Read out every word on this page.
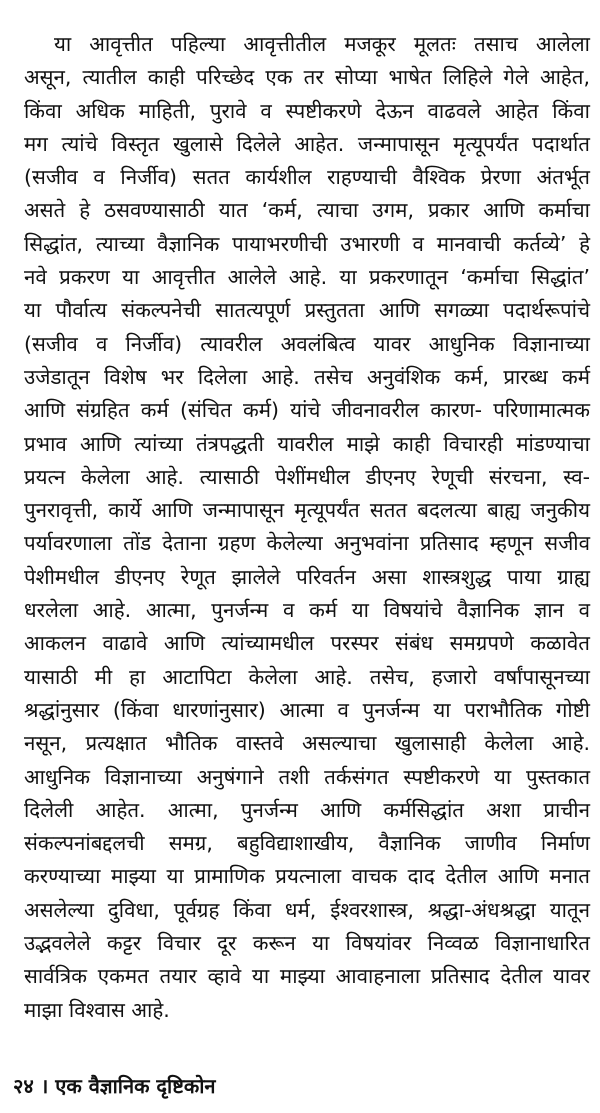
या आवृत्तीत पहिल्या आवृत्तीतील मजकूर मूलतः तसाच आलेला
असून, त्यातील काही परिच्छेद एक तर सोप्या भाषेत लिहिले गेले आहेत,
किंवा अधिक माहिती, पुरावे व स्पष्टीकरणे देऊन वाढवले आहेत किंवा
मग त्यांचे विस्तृत खुलासे दिलेले आहेत. जन्मापासून मृत्यूपर्यंत पदार्थात
(सजीव व निर्जीव) सतत कार्यशील राहण्याची वैश्विक प्रेरणा अंतर्भूत
असते हे ठसवण्यासाठी यात ‘कर्म, त्याचा उगम, प्रकार आणि कर्माचा
सिद्धांत, त्याच्या वैज्ञानिक पायाभरणीची उभारणी व मानवाची कर्तव्ये’ हे
नवे प्रकरण या आवृत्तीत आलेले आहे. या प्रकरणातून ‘कर्माचा सिद्धांत’
या पौर्वात्य संकल्पनेची सातत्यपूर्ण प्रस्तुतता आणि सगळ्या पदार्थरूपांचे
(सजीव व निर्जीव) त्यावरील अवलंबित्व यावर आधुनिक विज्ञानाच्या
उजेडातून विशेष भर दिलेला आहे. तसेच अनुवंशिक कर्म, प्रारब्ध कर्म
आणि संग्रहित कर्म (संचित कर्म) यांचे जीवनावरील कारण- परिणामात्मक
प्रभाव आणि त्यांच्या तंत्रपद्धती यावरील माझे काही विचारही मांडण्याचा
प्रयत्न केलेला आहे. त्यासाठी पेशींमधील डीएनए रेणूची संरचना, स्व-
पुनरावृत्ती, कार्ये आणि जन्मापासून मृत्यूपर्यंत सतत बदलत्या बाह्य जनुकीय
पर्यावरणाला तोंड देताना ग्रहण केलेल्या अनुभवांना प्रतिसाद म्हणून सजीव
पेशीमधील डीएनए रेणूत झालेले परिवर्तन असा शास्त्रशुद्ध पाया ग्राह्य
धरलेला आहे. आत्मा, पुनर्जन्म व कर्म या विषयांचे वैज्ञानिक ज्ञान व
आकलन वाढावे आणि त्यांच्यामधील परस्पर संबंध समग्रपणे कळावेत
यासाठी मी हा आटापिटा केलेला आहे. तसेच, हजारो वर्षांपासूनच्या
श्रद्धांनुसार (किंवा धारणांनुसार) आत्मा व पुनर्जन्म या पराभौतिक गोष्टी
नसून, प्रत्यक्षात भौतिक वास्तवे असल्याचा खुलासाही केलेला आहे.
आधुनिक विज्ञानाच्या अनुषंगाने तशी तर्कसंगत स्पष्टीकरणे या पुस्तकात
दिलेली आहेत. आत्मा, पुनर्जन्म आणि कर्मसिद्धांत अशा प्राचीन
संकल्पनांबद्दलची समग्र, बहुविद्याशाखीय, वैज्ञानिक जाणीव निर्माण
करण्याच्या माझ्या या प्रामाणिक प्रयत्नाला वाचक दाद देतील आणि मनात
असलेल्या दुविधा, पूर्वग्रह किंवा धर्म, ईश्वरशास्त्र, श्रद्धा-अंधश्रद्धा यातून
उद्भवलेले कट्टर विचार दूर करून या विषयांवर निव्वळ विज्ञानाधारित
सार्वत्रिक एकमत तयार व्हावे या माझ्या आवाहनाला प्रतिसाद देतील यावर
माझा विश्वास आहे.
२४ । एक वैज्ञानिक दृष्टिकोन
